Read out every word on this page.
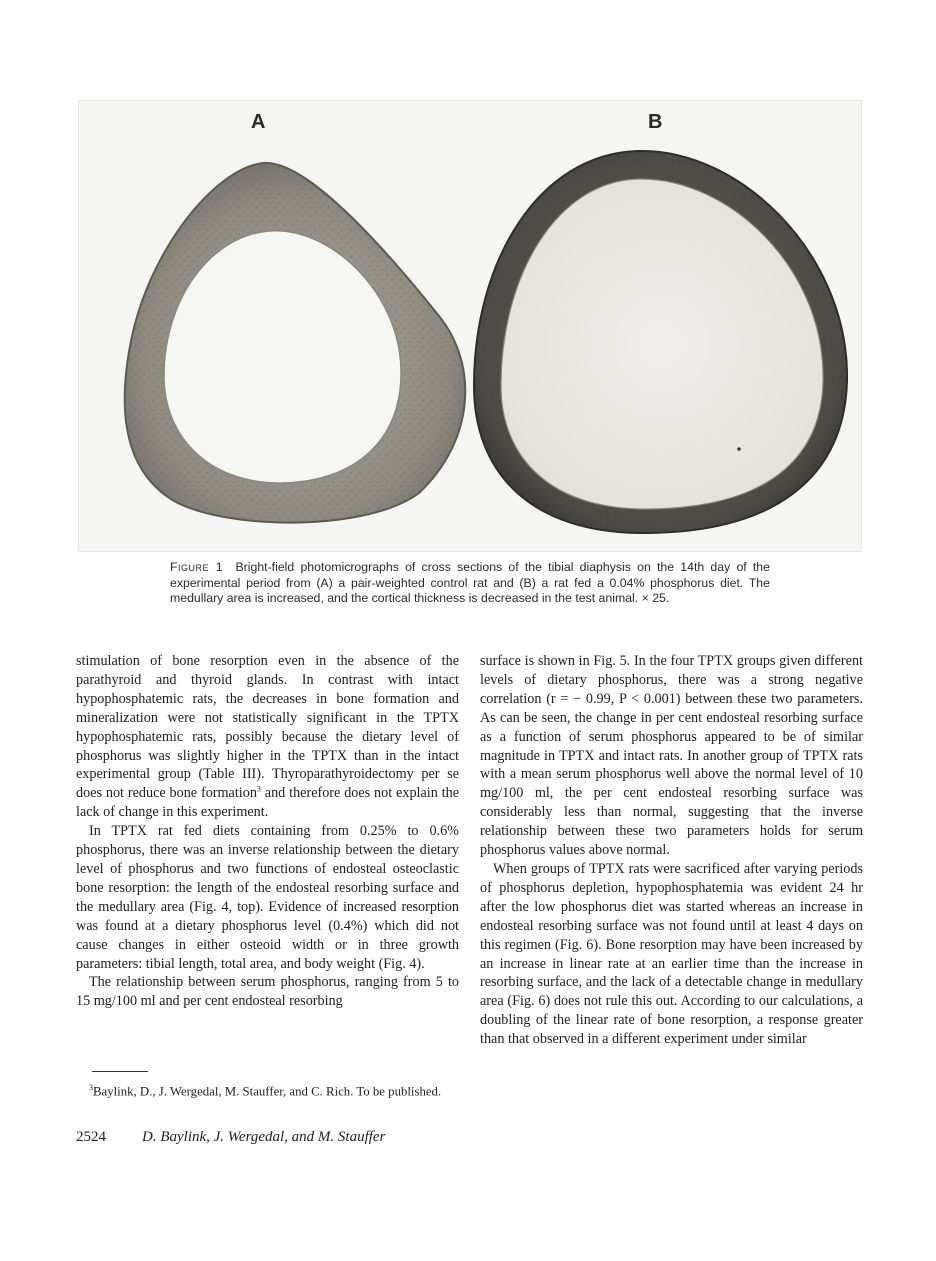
A	B
Figure 1 Bright-field photomicrographs of cross sections of the tibial diaphysis on the 14th day of the experimental period from (A) a pair-weighted control rat and (B) a rat fed a 0.04% phosphorus diet. The medullary area is increased, and the cortical thickness is decreased in the test animal. × 25.

stimulation of bone resorption even in the absence of the parathyroid and thyroid glands. In contrast with intact hypophosphatemic rats, the decreases in bone formation and mineralization were not statistically significant in the TPTX hypophosphatemic rats, possibly because the dietary level of phosphorus was slightly higher in the TPTX than in the intact experimental group (Table III). Thyroparathyroidectomy per se does not reduce bone formation$^3$ and therefore does not explain the lack of change in this experiment.

In TPTX rat fed diets containing from 0.25% to 0.6% phosphorus, there was an inverse relationship between the dietary level of phosphorus and two functions of endosteal osteoclastic bone resorption: the length of the endosteal resorbing surface and the medullary area (Fig. 4, top). Evidence of increased resorption was found at a dietary phosphorus level (0.4%) which did not cause changes in either osteoid width or in three growth parameters: tibial length, total area, and body weight (Fig. 4).

The relationship between serum phosphorus, ranging from 5 to 15 mg/100 ml and per cent endosteal resorbing

$^3$Baylink, D., J. Wergedal, M. Stauffer, and C. Rich. To be published.

surface is shown in Fig. 5. In the four TPTX groups given different levels of dietary phosphorus, there was a strong negative correlation (r = − 0.99, P < 0.001) between these two parameters. As can be seen, the change in per cent endosteal resorbing surface as a function of serum phosphorus appeared to be of similar magnitude in TPTX and intact rats. In another group of TPTX rats with a mean serum phosphorus well above the normal level of 10 mg/100 ml, the per cent endosteal resorbing surface was considerably less than normal, suggesting that the inverse relationship between these two parameters holds for serum phosphorus values above normal.

When groups of TPTX rats were sacrificed after varying periods of phosphorus depletion, hypophosphatemia was evident 24 hr after the low phosphorus diet was started whereas an increase in endosteal resorbing surface was not found until at least 4 days on this regimen (Fig. 6). Bone resorption may have been increased by an increase in linear rate at an earlier time than the increase in resorbing surface, and the lack of a detectable change in medullary area (Fig. 6) does not rule this out. According to our calculations, a doubling of the linear rate of bone resorption, a response greater than that observed in a different experiment under similar

2524 D. Baylink, J. Wergedal, and M. Stauffer
